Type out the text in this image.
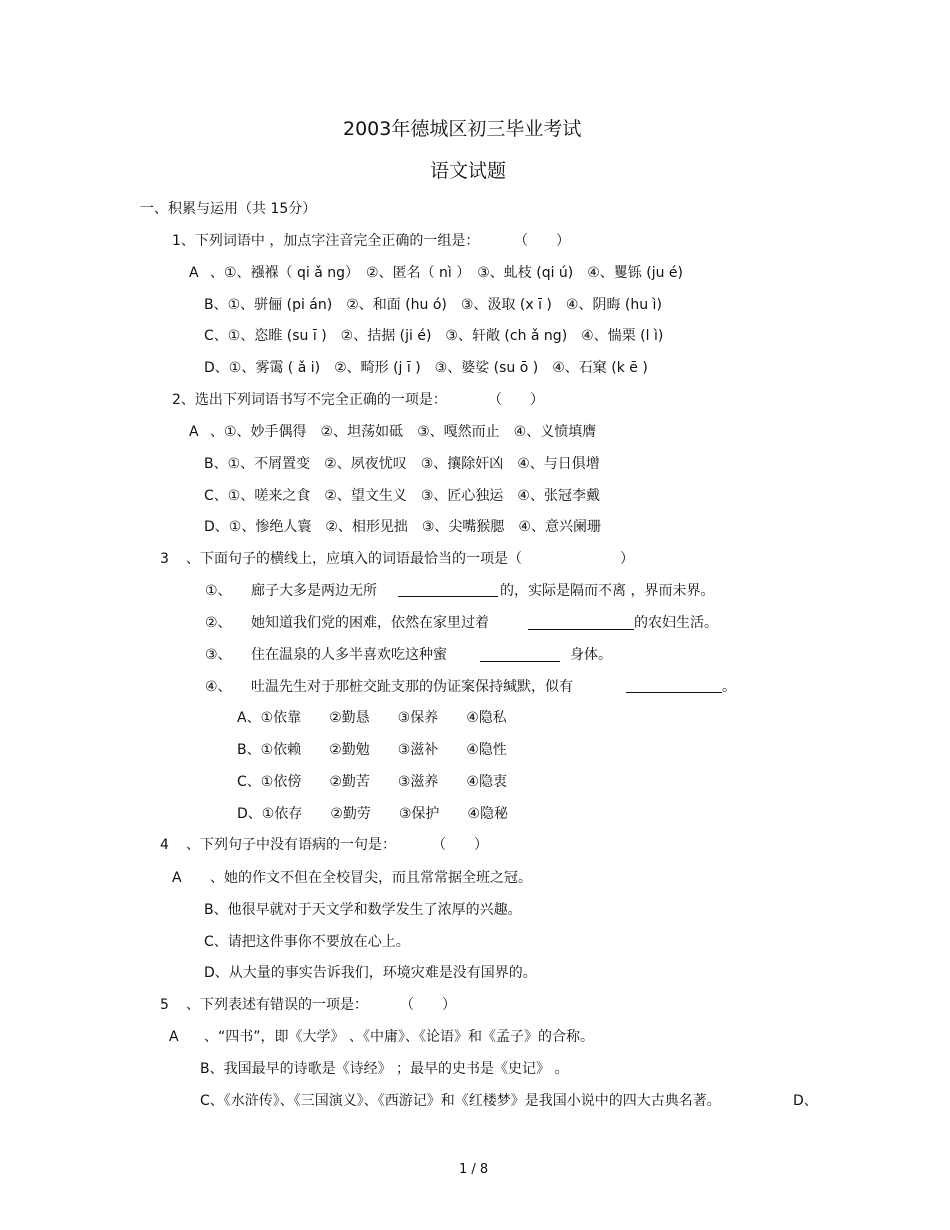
2003年德城区初三毕业考试
语文试题
一、积累与运用（共 15分）
1、下列词语中 ，加点字注音完全正确的一组是： （　　）
A 、①、襁褓（ qi ǎ ng）　②、匿名（ nì ）　③、虬枝 (qi ú)　④、矍铄 (ju é)
B、①、骈俪 (pi án)　②、和面 (hu ó)　③、汲取 (x ī )　④、阴晦 (hu ì)
C、①、恣睢 (su ī )　②、拮据 (ji é)　③、轩敞 (ch ǎ ng)　④、惴栗 (l ì)
D、①、雾霭 ( ǎ i)　②、畸形 (j ī )　③、婆娑 (su ō )　④、石窠 (k ē )
2、选出下列词语书写不完全正确的一项是：	（　　）
A 、①、妙手偶得　②、坦荡如砥　③、嘎然而止　④、义愤填膺
B、①、不屑置变　②、夙夜忧叹　③、攘除奸凶　④、与日俱增
C、①、嗟来之食　②、望文生义　③、匠心独运　④、张冠李戴
D、①、惨绝人寰　②、相形见拙　③、尖嘴猴腮　④、意兴阑珊
3 、下面句子的横线上，应填入的词语最恰当的一项是（	）
①、 廊子大多是两边无所	的，实际是隔而不离 ，界而未界。
②、 她知道我们党的困难，依然在家里过着	的农妇生活。
③、 住在温泉的人多半喜欢吃这种蜜	身体。
④、 吐温先生对于那桩交趾支那的伪证案保持缄默，似有	。
A、①依靠　　②勤恳　　③保养　　④隐私
B、①依赖　　②勤勉　　③滋补　　④隐性
C、①依傍　　②勤苦　　③滋养　　④隐衷
D、①依存　　②勤劳　　③保护　　④隐秘
4 、下列句子中没有语病的一句是：	（　　）
A 、她的作文不但在全校冒尖，而且常常据全班之冠。
B、他很早就对于天文学和数学发生了浓厚的兴趣。
C、请把这件事你不要放在心上。
D、从大量的事实告诉我们，环境灾难是没有国界的。
5 、下列表述有错误的一项是： （　　）
A 、“四书”，即《大学》 、《中庸》、《论语》和《孟子》的合称。
B、我国最早的诗歌是《诗经》 ；最早的史书是《史记》 。
C、《水浒传》、《三国演义》、《西游记》和《红楼梦》是我国小说中的四大古典名著。	D、
1 / 8
